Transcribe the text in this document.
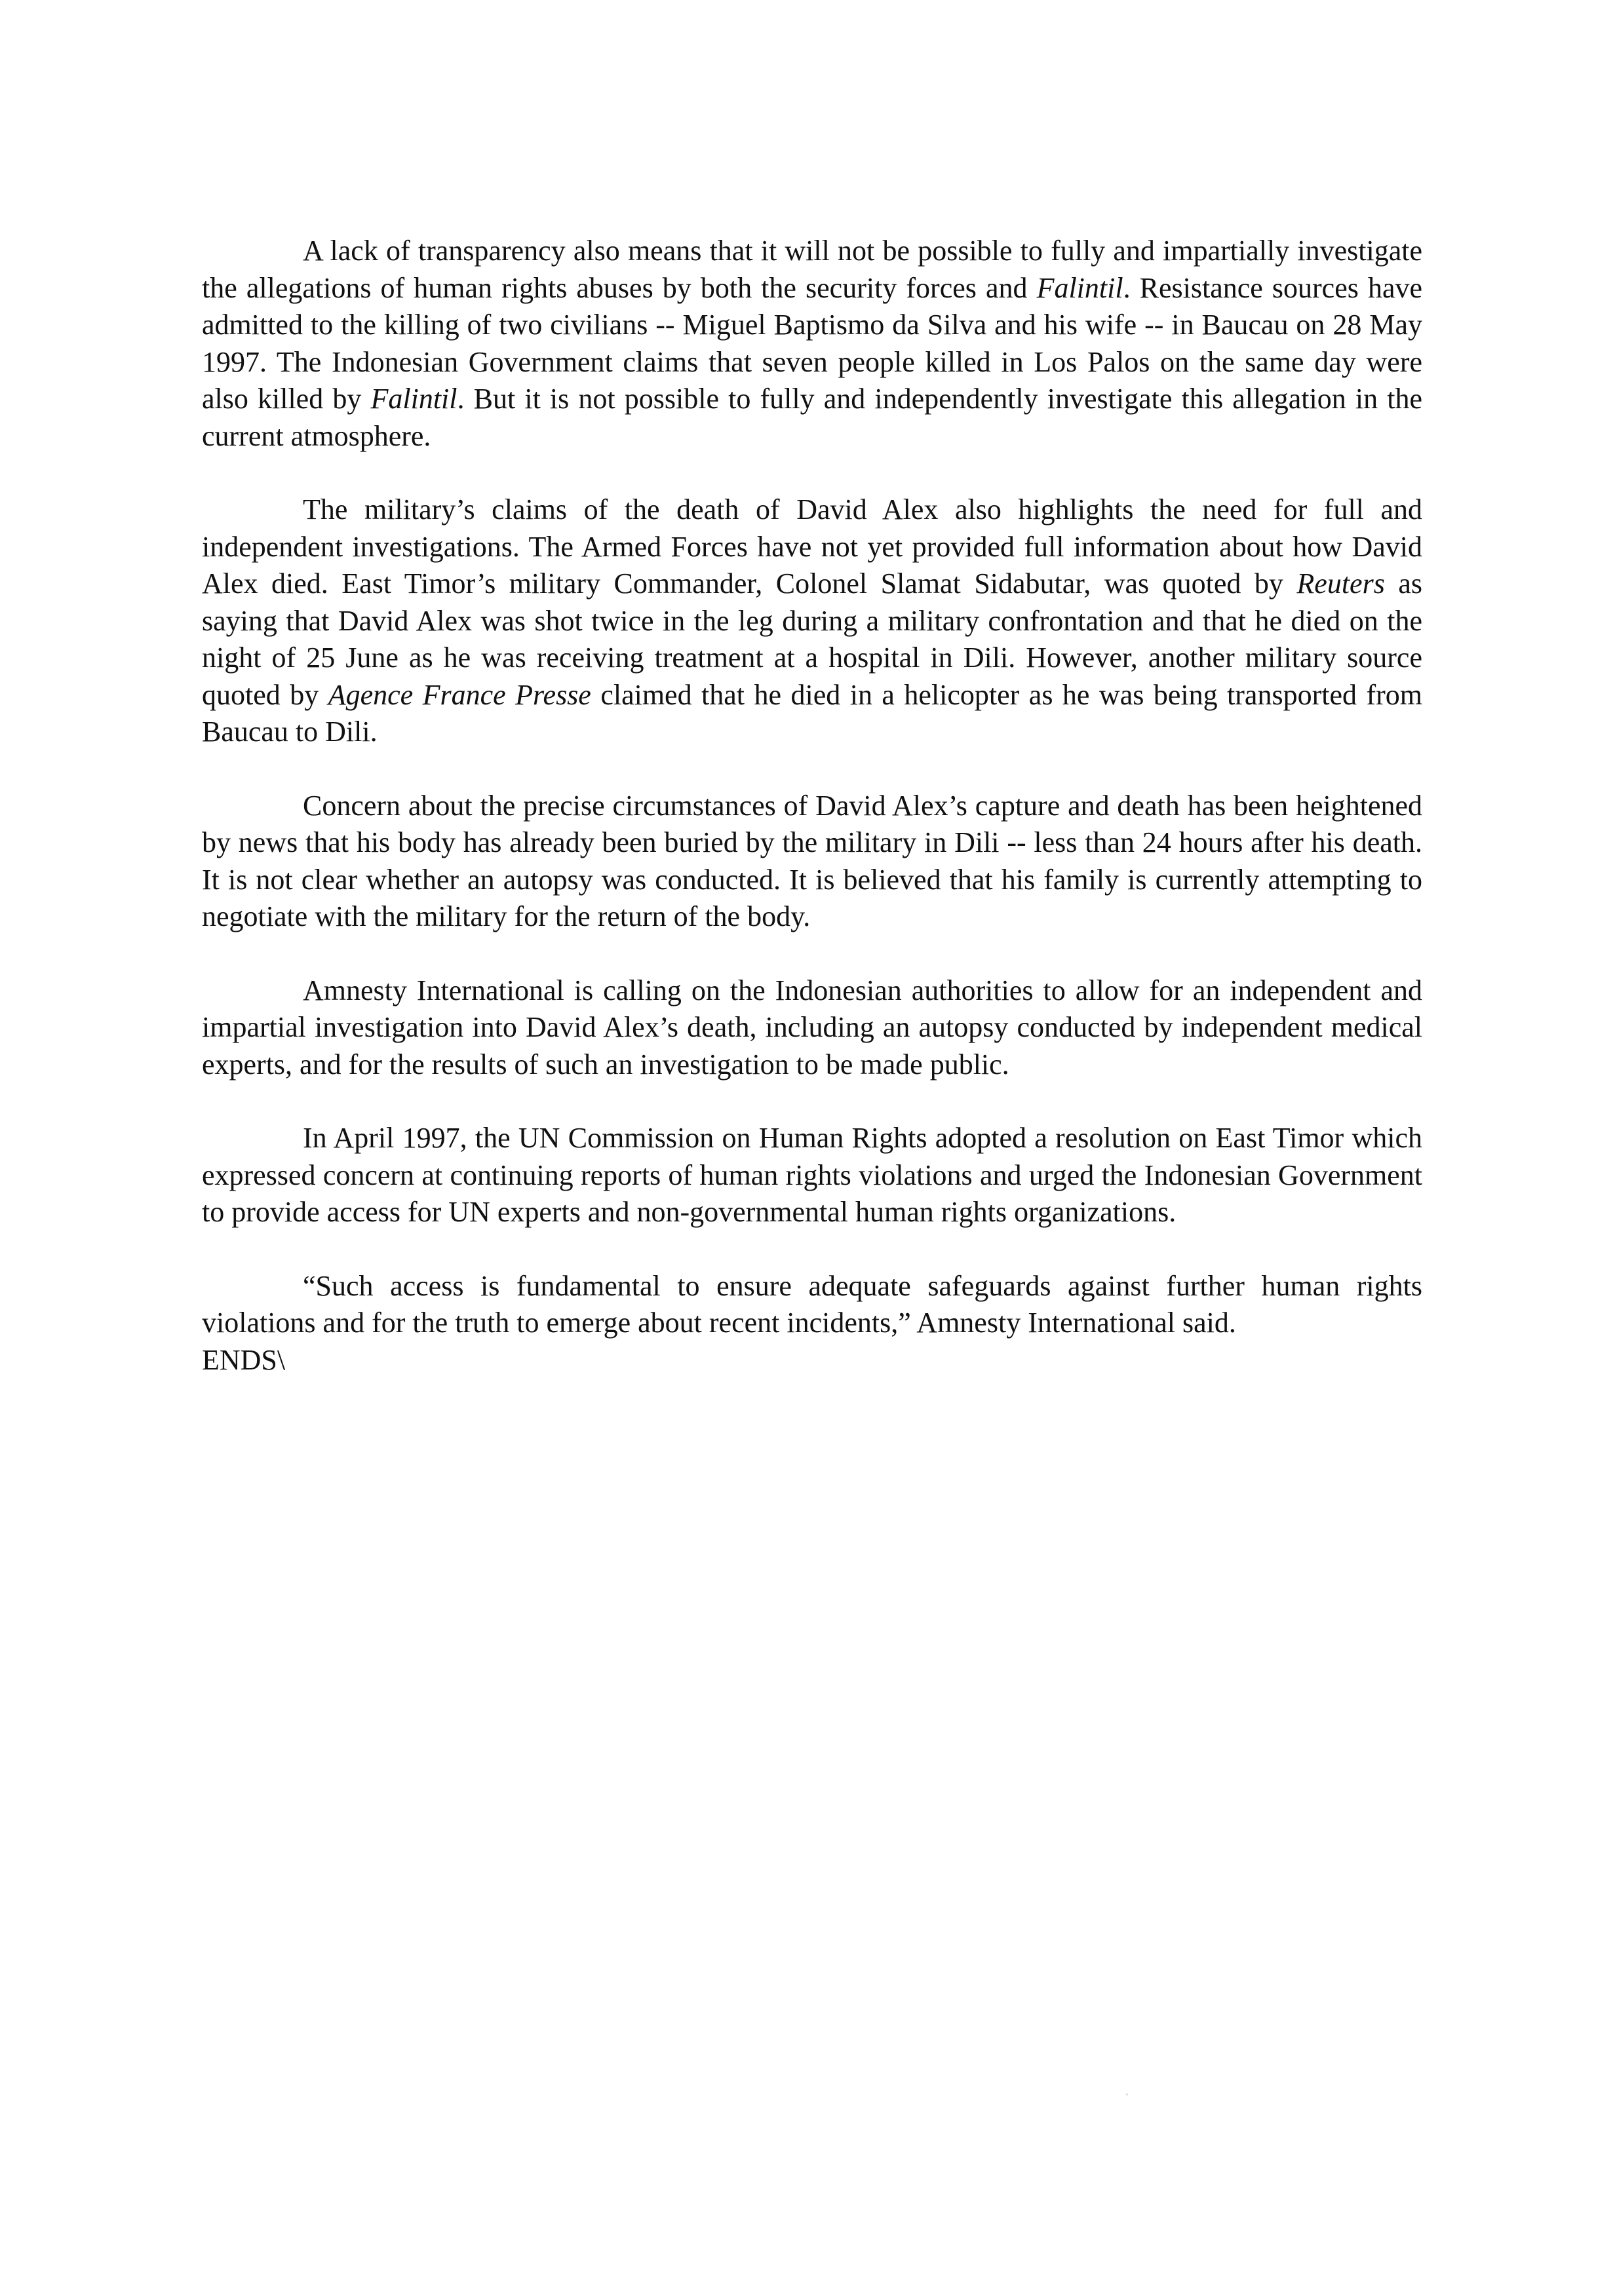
A lack of transparency also means that it will not be possible to fully and impartially investigate the allegations of human rights abuses by both the security forces and Falintil. Resistance sources have admitted to the killing of two civilians -- Miguel Baptismo da Silva and his wife -- in Baucau on 28 May 1997. The Indonesian Government claims that seven people killed in Los Palos on the same day were also killed by Falintil. But it is not possible to fully and independently investigate this allegation in the current atmosphere.

The military’s claims of the death of David Alex also highlights the need for full and independent investigations. The Armed Forces have not yet provided full information about how David Alex died. East Timor’s military Commander, Colonel Slamat Sidabutar, was quoted by Reuters as saying that David Alex was shot twice in the leg during a military confrontation and that he died on the night of 25 June as he was receiving treatment at a hospital in Dili. However, another military source quoted by Agence France Presse claimed that he died in a helicopter as he was being transported from Baucau to Dili.

Concern about the precise circumstances of David Alex’s capture and death has been heightened by news that his body has already been buried by the military in Dili -- less than 24 hours after his death. It is not clear whether an autopsy was conducted. It is believed that his family is currently attempting to negotiate with the military for the return of the body.

Amnesty International is calling on the Indonesian authorities to allow for an independent and impartial investigation into David Alex’s death, including an autopsy conducted by independent medical experts, and for the results of such an investigation to be made public.

In April 1997, the UN Commission on Human Rights adopted a resolution on East Timor which expressed concern at continuing reports of human rights violations and urged the Indonesian Government to provide access for UN experts and non-governmental human rights organizations.

“Such access is fundamental to ensure adequate safeguards against further human rights violations and for the truth to emerge about recent incidents,” Amnesty International said.

ENDS\
